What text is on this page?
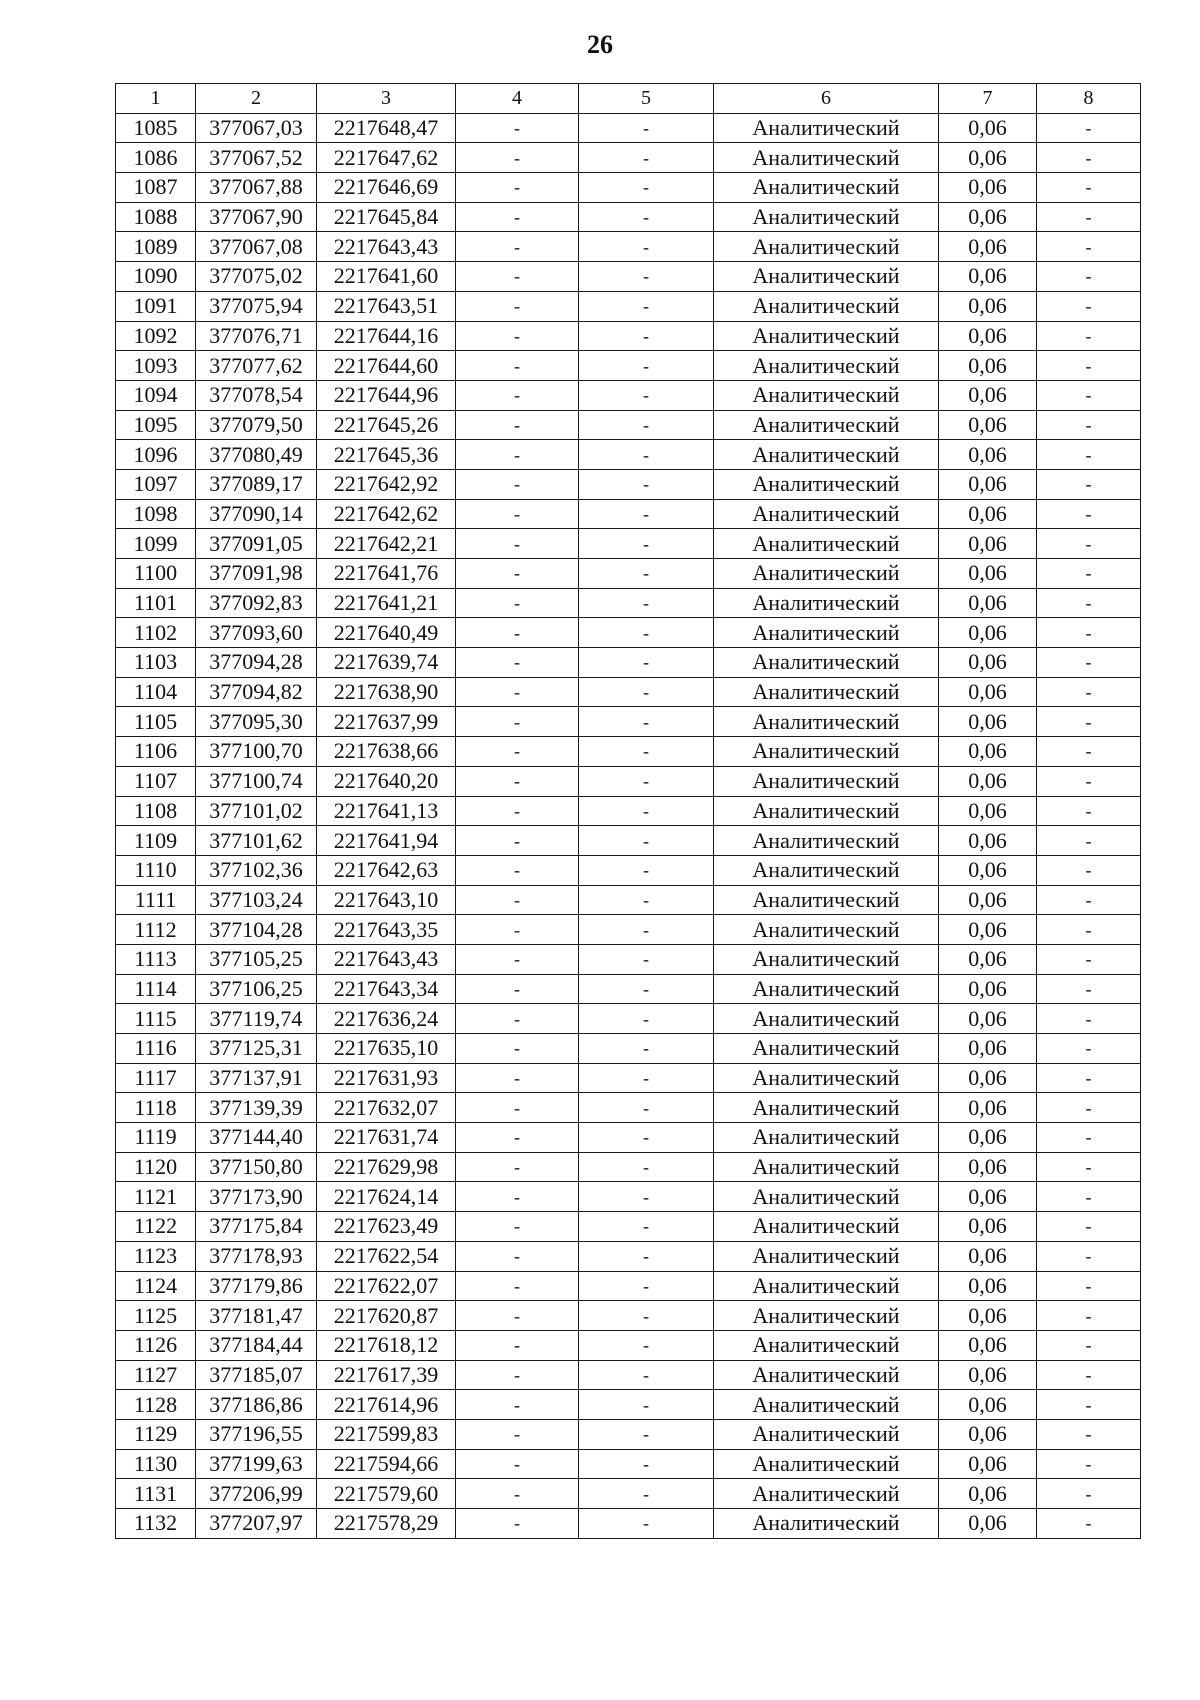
26
1	2	3	4	5	6	7	8
1085	377067,03	2217648,47	-	-	Аналитический	0,06	-
1086	377067,52	2217647,62	-	-	Аналитический	0,06	-
1087	377067,88	2217646,69	-	-	Аналитический	0,06	-
1088	377067,90	2217645,84	-	-	Аналитический	0,06	-
1089	377067,08	2217643,43	-	-	Аналитический	0,06	-
1090	377075,02	2217641,60	-	-	Аналитический	0,06	-
1091	377075,94	2217643,51	-	-	Аналитический	0,06	-
1092	377076,71	2217644,16	-	-	Аналитический	0,06	-
1093	377077,62	2217644,60	-	-	Аналитический	0,06	-
1094	377078,54	2217644,96	-	-	Аналитический	0,06	-
1095	377079,50	2217645,26	-	-	Аналитический	0,06	-
1096	377080,49	2217645,36	-	-	Аналитический	0,06	-
1097	377089,17	2217642,92	-	-	Аналитический	0,06	-
1098	377090,14	2217642,62	-	-	Аналитический	0,06	-
1099	377091,05	2217642,21	-	-	Аналитический	0,06	-
1100	377091,98	2217641,76	-	-	Аналитический	0,06	-
1101	377092,83	2217641,21	-	-	Аналитический	0,06	-
1102	377093,60	2217640,49	-	-	Аналитический	0,06	-
1103	377094,28	2217639,74	-	-	Аналитический	0,06	-
1104	377094,82	2217638,90	-	-	Аналитический	0,06	-
1105	377095,30	2217637,99	-	-	Аналитический	0,06	-
1106	377100,70	2217638,66	-	-	Аналитический	0,06	-
1107	377100,74	2217640,20	-	-	Аналитический	0,06	-
1108	377101,02	2217641,13	-	-	Аналитический	0,06	-
1109	377101,62	2217641,94	-	-	Аналитический	0,06	-
1110	377102,36	2217642,63	-	-	Аналитический	0,06	-
1111	377103,24	2217643,10	-	-	Аналитический	0,06	-
1112	377104,28	2217643,35	-	-	Аналитический	0,06	-
1113	377105,25	2217643,43	-	-	Аналитический	0,06	-
1114	377106,25	2217643,34	-	-	Аналитический	0,06	-
1115	377119,74	2217636,24	-	-	Аналитический	0,06	-
1116	377125,31	2217635,10	-	-	Аналитический	0,06	-
1117	377137,91	2217631,93	-	-	Аналитический	0,06	-
1118	377139,39	2217632,07	-	-	Аналитический	0,06	-
1119	377144,40	2217631,74	-	-	Аналитический	0,06	-
1120	377150,80	2217629,98	-	-	Аналитический	0,06	-
1121	377173,90	2217624,14	-	-	Аналитический	0,06	-
1122	377175,84	2217623,49	-	-	Аналитический	0,06	-
1123	377178,93	2217622,54	-	-	Аналитический	0,06	-
1124	377179,86	2217622,07	-	-	Аналитический	0,06	-
1125	377181,47	2217620,87	-	-	Аналитический	0,06	-
1126	377184,44	2217618,12	-	-	Аналитический	0,06	-
1127	377185,07	2217617,39	-	-	Аналитический	0,06	-
1128	377186,86	2217614,96	-	-	Аналитический	0,06	-
1129	377196,55	2217599,83	-	-	Аналитический	0,06	-
1130	377199,63	2217594,66	-	-	Аналитический	0,06	-
1131	377206,99	2217579,60	-	-	Аналитический	0,06	-
1132	377207,97	2217578,29	-	-	Аналитический	0,06	-
